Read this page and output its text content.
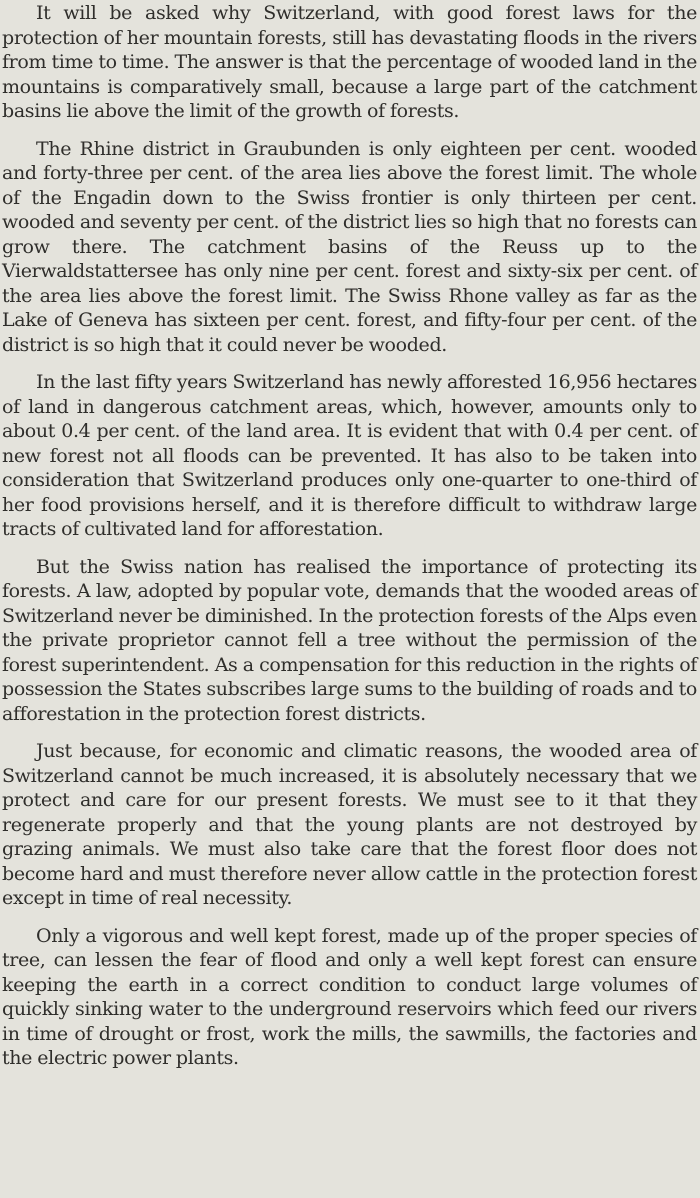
It will be asked why Switzerland, with good forest laws for the protection of her mountain forests, still has devastating floods in the rivers from time to time. The answer is that the percentage of wooded land in the mountains is comparatively small, because a large part of the catchment basins lie above the limit of the growth of forests.

The Rhine district in Graubunden is only eighteen per cent. wooded and forty-three per cent. of the area lies above the forest limit. The whole of the Engadin down to the Swiss frontier is only thirteen per cent. wooded and seventy per cent. of the district lies so high that no forests can grow there. The catchment basins of the Reuss up to the Vierwaldstattersee has only nine per cent. forest and sixty-six per cent. of the area lies above the forest limit. The Swiss Rhone valley as far as the Lake of Geneva has sixteen per cent. forest, and fifty-four per cent. of the district is so high that it could never be wooded.

In the last fifty years Switzerland has newly afforested 16,956 hectares of land in dangerous catchment areas, which, however, amounts only to about 0.4 per cent. of the land area. It is evident that with 0.4 per cent. of new forest not all floods can be prevented. It has also to be taken into consideration that Switzerland produces only one-quarter to one-third of her food provisions herself, and it is therefore difficult to withdraw large tracts of cultivated land for afforestation.

But the Swiss nation has realised the importance of protecting its forests. A law, adopted by popular vote, demands that the wooded areas of Switzerland never be diminished. In the protection forests of the Alps even the private proprietor cannot fell a tree without the permission of the forest superintendent. As a compensation for this reduction in the rights of possession the States subscribes large sums to the building of roads and to afforestation in the protection forest districts.

Just because, for economic and climatic reasons, the wooded area of Switzerland cannot be much increased, it is absolutely necessary that we protect and care for our present forests. We must see to it that they regenerate properly and that the young plants are not destroyed by grazing animals. We must also take care that the forest floor does not become hard and must therefore never allow cattle in the protection forest except in time of real necessity.

Only a vigorous and well kept forest, made up of the proper species of tree, can lessen the fear of flood and only a well kept forest can ensure keeping the earth in a correct condition to conduct large volumes of quickly sinking water to the underground reservoirs which feed our rivers in time of drought or frost, work the mills, the sawmills, the factories and the electric power plants.
